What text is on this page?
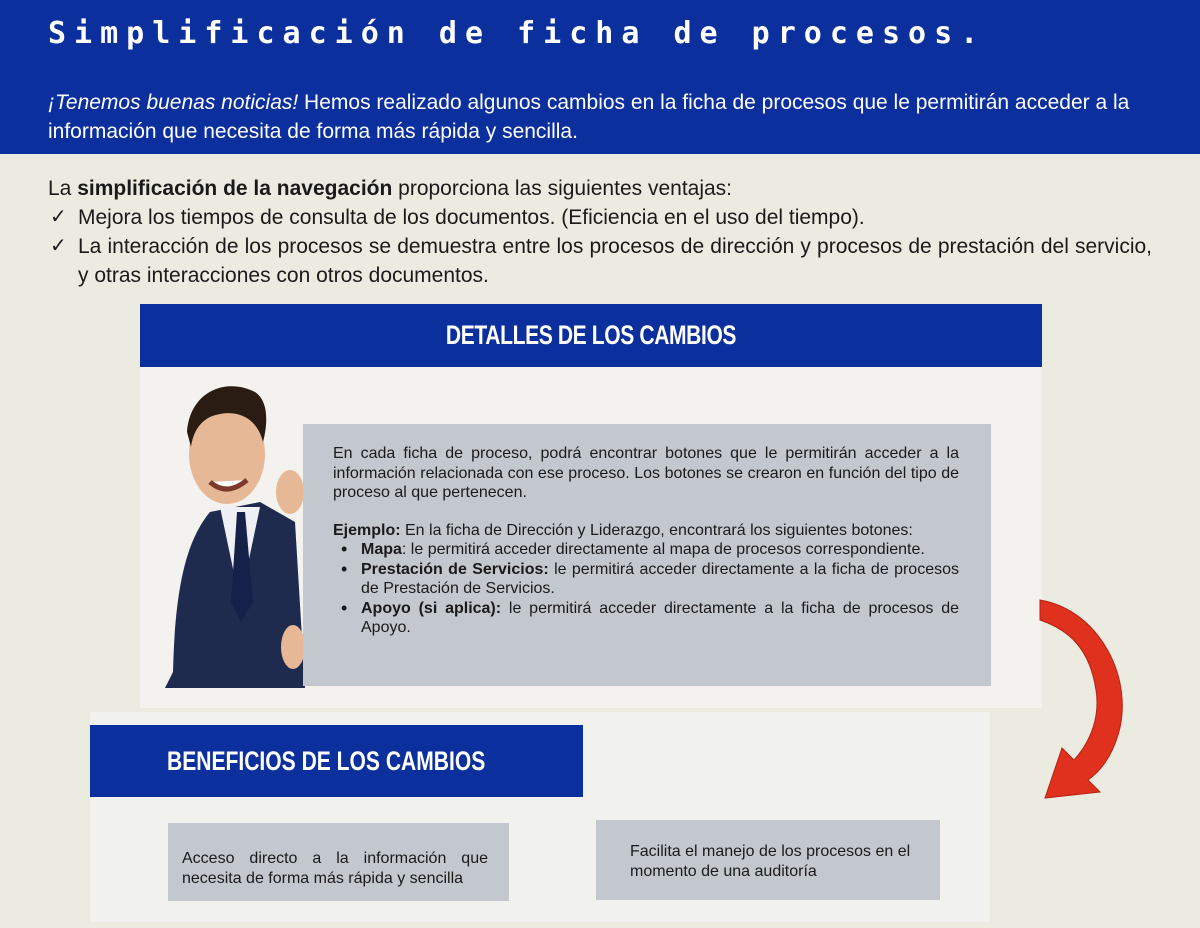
Simplificación de ficha de procesos.
¡Tenemos buenas noticias! Hemos realizado algunos cambios en la ficha de procesos que le permitirán acceder a la información que necesita de forma más rápida y sencilla.

La simplificación de la navegación proporciona las siguientes ventajas:

✓ Mejora los tiempos de consulta de los documentos. (Eficiencia en el uso del tiempo).
✓ La interacción de los procesos se demuestra entre los procesos de dirección y procesos de prestación del servicio, y otras interacciones con otros documentos.
DETALLES DE LOS CAMBIOS

En cada ficha de proceso, podrá encontrar botones que le permitirán acceder a la información relacionada con ese proceso. Los botones se crearon en función del tipo de proceso al que pertenecen.

Ejemplo: En la ficha de Dirección y Liderazgo, encontrará los siguientes botones:

• Mapa: le permitirá acceder directamente al mapa de procesos correspondiente.
• Prestación de Servicios: le permitirá acceder directamente a la ficha de procesos de Prestación de Servicios.
• Apoyo (si aplica): le permitirá acceder directamente a la ficha de procesos de Apoyo.
BENEFICIOS DE LOS CAMBIOS
Acceso directo a la información que necesita de forma más rápida y sencilla
Facilita el manejo de los procesos en el momento de una auditoría
